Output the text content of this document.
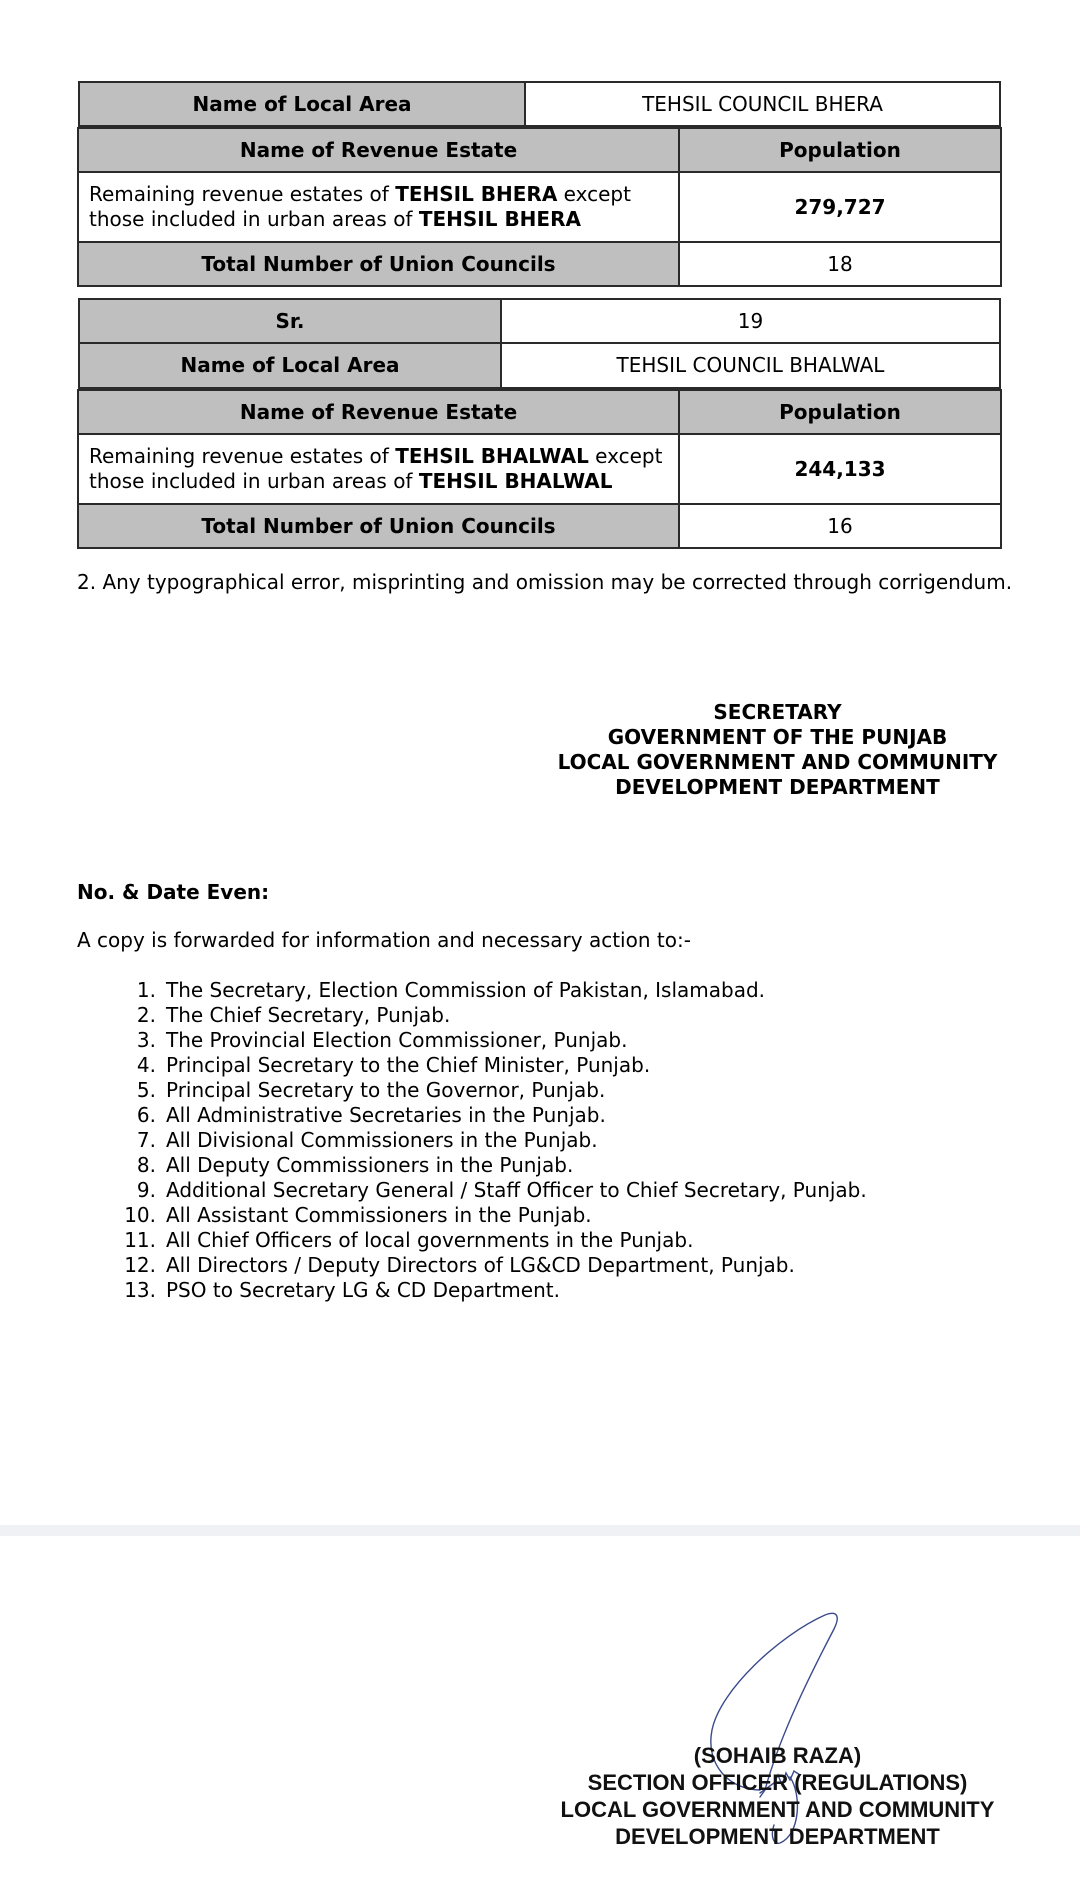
Name of Local Area	TEHSIL COUNCIL BHERA

Name of Revenue Estate	Population
Remaining revenue estates of TEHSIL BHERA except those included in urban areas of TEHSIL BHERA	279,727
Total Number of Union Councils	18
Sr.	19
Name of Local Area	TEHSIL COUNCIL BHALWAL

Name of Revenue Estate	Population
Remaining revenue estates of TEHSIL BHALWAL except those included in urban areas of TEHSIL BHALWAL	244,133
Total Number of Union Councils	16
2. Any typographical error, misprinting and omission may be corrected through corrigendum.
SECRETARY
GOVERNMENT OF THE PUNJAB
LOCAL GOVERNMENT AND COMMUNITY
DEVELOPMENT DEPARTMENT
No. & Date Even:
A copy is forwarded for information and necessary action to:-
1. The Secretary, Election Commission of Pakistan, Islamabad.
2. The Chief Secretary, Punjab.
3. The Provincial Election Commissioner, Punjab.
4. Principal Secretary to the Chief Minister, Punjab.
5. Principal Secretary to the Governor, Punjab.
6. All Administrative Secretaries in the Punjab.
7. All Divisional Commissioners in the Punjab.
8. All Deputy Commissioners in the Punjab.
9. Additional Secretary General / Staff Officer to Chief Secretary, Punjab.
10. All Assistant Commissioners in the Punjab.
11. All Chief Officers of local governments in the Punjab.
12. All Directors / Deputy Directors of LG&CD Department, Punjab.
13. PSO to Secretary LG & CD Department.
(SOHAIB RAZA)
SECTION OFFICER (REGULATIONS)
LOCAL GOVERNMENT AND COMMUNITY
DEVELOPMENT DEPARTMENT
